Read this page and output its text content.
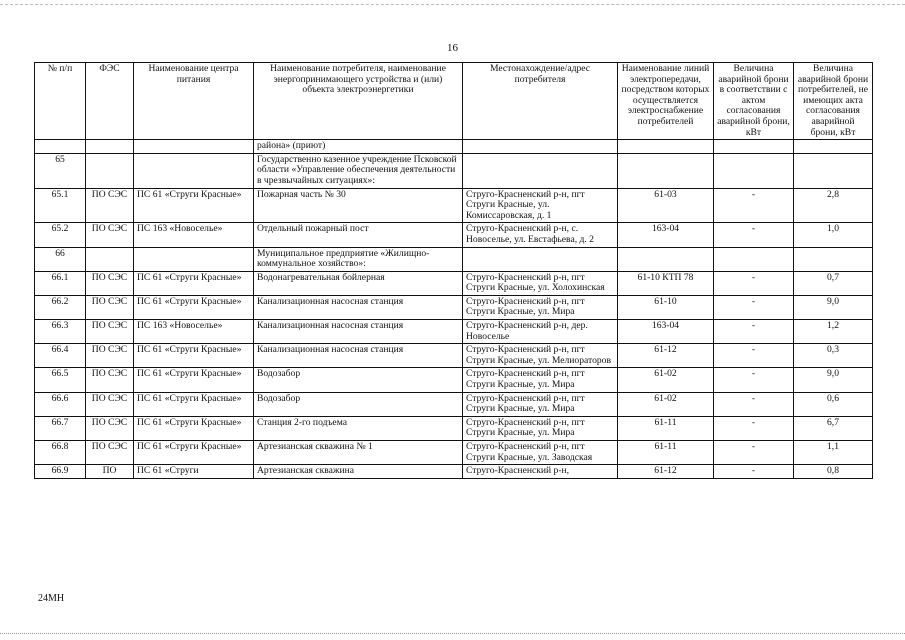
16
№ п/п	ФЭС	Наименование центра питания	Наименование потребителя, наименование энергопринимающего устройства и (или) объекта электроэнергетики	Местонахождение/адрес потребителя	Наименование линий электропередачи, посредством которых осуществляется электроснабжение потребителей	Величина аварийной брони в соответствии с актом согласования аварийной брони, кВт	Величина аварийной брони потребителей, не имеющих акта согласования аварийной брони, кВт
			района» (приют)				
65			Государственно казенное учреждение Псковской области «Управление обеспечения деятельности в чрезвычайных ситуациях»:				
65.1	ПО СЭС	ПС 61 «Струги Красные»	Пожарная часть № 30	Струго-Красненский р-н, пгт Струги Красные, ул. Комиссаровская, д. 1	61-03	-	2,8
65.2	ПО СЭС	ПС 163 «Новоселье»	Отдельный пожарный пост	Струго-Красненский р-н, с. Новоселье, ул. Евстафьева, д. 2	163-04	-	1,0
66			Муниципальное предприятие «Жилищно-коммунальное хозяйство»:				
66.1	ПО СЭС	ПС 61 «Струги Красные»	Водонагревательная бойлерная	Струго-Красненский р-н, пгт Струги Красные, ул. Холохинская	61-10 КТП 78	-	0,7
66.2	ПО СЭС	ПС 61 «Струги Красные»	Канализационная насосная станция	Струго-Красненский р-н, пгт Струги Красные, ул. Мира	61-10	-	9,0
66.3	ПО СЭС	ПС 163 «Новоселье»	Канализационная насосная станция	Струго-Красненский р-н, дер. Новоселье	163-04	-	1,2
66.4	ПО СЭС	ПС 61 «Струги Красные»	Канализационная насосная станция	Струго-Красненский р-н, пгт Струги Красные, ул. Мелиораторов	61-12	-	0,3
66.5	ПО СЭС	ПС 61 «Струги Красные»	Водозабор	Струго-Красненский р-н, пгт Струги Красные, ул. Мира	61-02	-	9,0
66.6	ПО СЭС	ПС 61 «Струги Красные»	Водозабор	Струго-Красненский р-н, пгт Струги Красные, ул. Мира	61-02	-	0,6
66.7	ПО СЭС	ПС 61 «Струги Красные»	Станция 2-го подъема	Струго-Красненский р-н, пгт Струги Красные, ул. Мира	61-11	-	6,7
66.8	ПО СЭС	ПС 61 «Струги Красные»	Артезианская скважина № 1	Струго-Красненский р-н, пгт Струги Красные, ул. Заводская	61-11	-	1,1
66.9	ПО	ПС 61 «Струги	Артезианская скважина	Струго-Красненский р-н,	61-12	-	0,8
24МН
